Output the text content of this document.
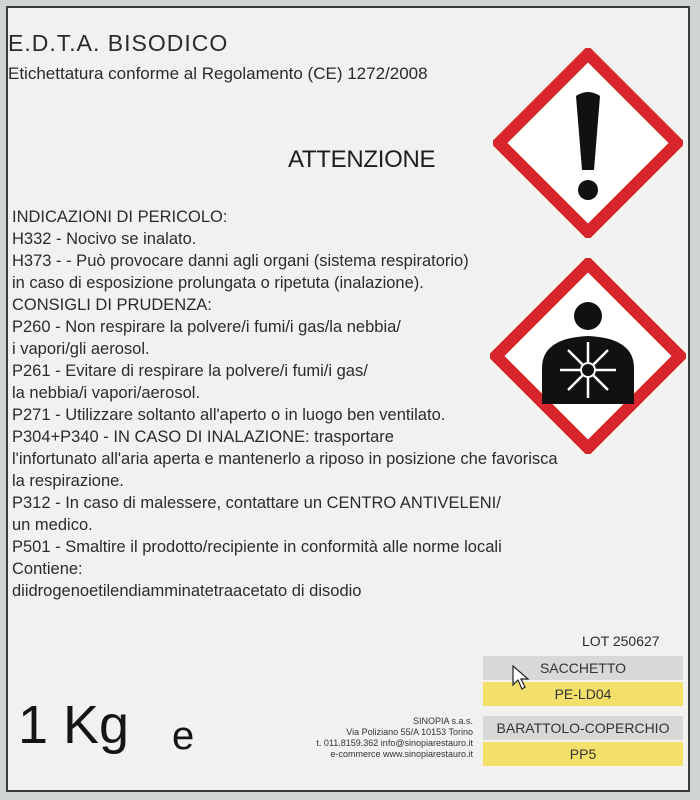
E.D.T.A. BISODICO
Etichettatura conforme al Regolamento (CE) 1272/2008
ATTENZIONE
INDICAZIONI DI PERICOLO:
H332 - Nocivo se inalato.
H373 - - Può provocare danni agli organi (sistema respiratorio)
in caso di esposizione prolungata o ripetuta (inalazione).
CONSIGLI DI PRUDENZA:
P260 - Non respirare la polvere/i fumi/i gas/la nebbia/
i vapori/gli aerosol.
P261 - Evitare di respirare la polvere/i fumi/i gas/
la nebbia/i vapori/aerosol.
P271 - Utilizzare soltanto all'aperto o in luogo ben ventilato.
P304+P340 - IN CASO DI INALAZIONE: trasportare
l'infortunato all'aria aperta e mantenerlo a riposo in posizione che favorisca
la respirazione.
P312 - In caso di malessere, contattare un CENTRO ANTIVELENI/
un medico.
P501 - Smaltire il prodotto/recipiente in conformità alle norme locali
Contiene:
diidrogenoetilendiamminatetraacetato di disodio
LOT 250627
SACCHETTO
PE-LD04
BARATTOLO-COPERCHIO
PP5
1 Kg e	SINOPIA s.a.s.
Via Poliziano 55/A 10153 Torino
t. 011.8159.362 info@sinopiarestauro.it
e-commerce www.sinopiarestauro.it
